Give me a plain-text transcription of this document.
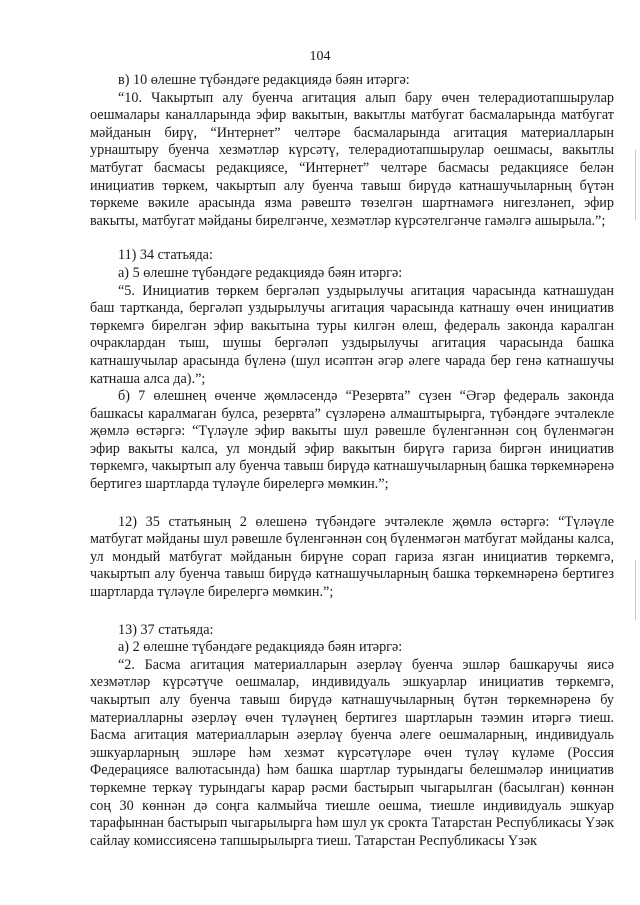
104

в) 10 өлешне түбәндәге редакциядә бәян итәргә:

“10. Чакыртып алу буенча агитация алып бару өчен телерадиотапшырулар оешмалары каналларында эфир вакытын, вакытлы матбугат басмаларында матбугат мәйданын бирү, “Интернет” челтәре басмаларында агитация материалларын урнаштыру буенча хезмәтләр күрсәтү, телерадиотапшырулар оешмасы, вакытлы матбугат басмасы редакциясе, “Интернет” челтәре басмасы редакциясе белән инициатив төркем, чакыртып алу буенча тавыш бирүдә катнашучыларның бүтән төркеме вәкиле арасында язма рәвештә төзелгән шартнамәгә нигезләнеп, эфир вакыты, матбугат мәйданы бирелгәнче, хезмәтләр күрсәтелгәнче гамәлгә ашырыла.”;

11) 34 статьяда:

а) 5 өлешне түбәндәге редакциядә бәян итәргә:

“5. Инициатив төркем бергәләп уздырылучы агитация чарасында катнашудан баш тартканда, бергәләп уздырылучы агитация чарасында катнашу өчен инициатив төркемгә бирелгән эфир вакытына туры килгән өлеш, федераль законда каралган очраклардан тыш, шушы бергәләп уздырылучы агитация чарасында башка катнашучылар арасында бүленә (шул исәптән әгәр әлеге чарада бер генә катнашучы катнаша алса да).”;

б) 7 өлешнең өченче җөмләсендә “Резервта” сүзен “Әгәр федераль законда башкасы каралмаган булса, резервта” сүзләренә алмаштырырга, түбәндәге эчтәлекле җөмлә өстәргә: “Түләүле эфир вакыты шул рәвешле бүленгәннән соң бүленмәгән эфир вакыты калса, ул мондый эфир вакытын бирүгә гариза биргән инициатив төркемгә, чакыртып алу буенча тавыш бирүдә катнашучыларның башка төркемнәренә бертигез шартларда түләүле бирелергә мөмкин.”;

12) 35 статьяның 2 өлешенә түбәндәге эчтәлекле җөмлә өстәргә: “Түләүле матбугат мәйданы шул рәвешле бүленгәннән соң бүленмәгән матбугат мәйданы калса, ул мондый матбугат мәйданын бирүне сорап гариза язган инициатив төркемгә, чакыртып алу буенча тавыш бирүдә катнашучыларның башка төркемнәренә бертигез шартларда түләүле бирелергә мөмкин.”;

13) 37 статьяда:

а) 2 өлешне түбәндәге редакциядә бәян итәргә:

“2. Басма агитация материалларын әзерләү буенча эшләр башкаручы яисә хезмәтләр күрсәтүче оешмалар, индивидуаль эшкуарлар инициатив төркемгә, чакыртып алу буенча тавыш бирүдә катнашучыларның бүтән төркемнәренә бу материалларны әзерләү өчен түләүнең бертигез шартларын тәэмин итәргә тиеш. Басма агитация материалларын әзерләү буенча әлеге оешмаларның, индивидуаль эшкуарларның эшләре һәм хезмәт күрсәтүләре өчен түләү күләме (Россия Федерациясе валютасында) һәм башка шартлар турындагы белешмәләр инициатив төркемне теркәү турындагы карар рәсми бастырып чыгарылган (басылган) көннән соң 30 көннән дә соңга калмыйча тиешле оешма, тиешле индивидуаль эшкуар тарафыннан бастырып чыгарылырга һәм шул ук срокта Татарстан Республикасы Үзәк сайлау комиссиясенә тапшырылырга тиеш. Татарстан Республикасы Үзәк
